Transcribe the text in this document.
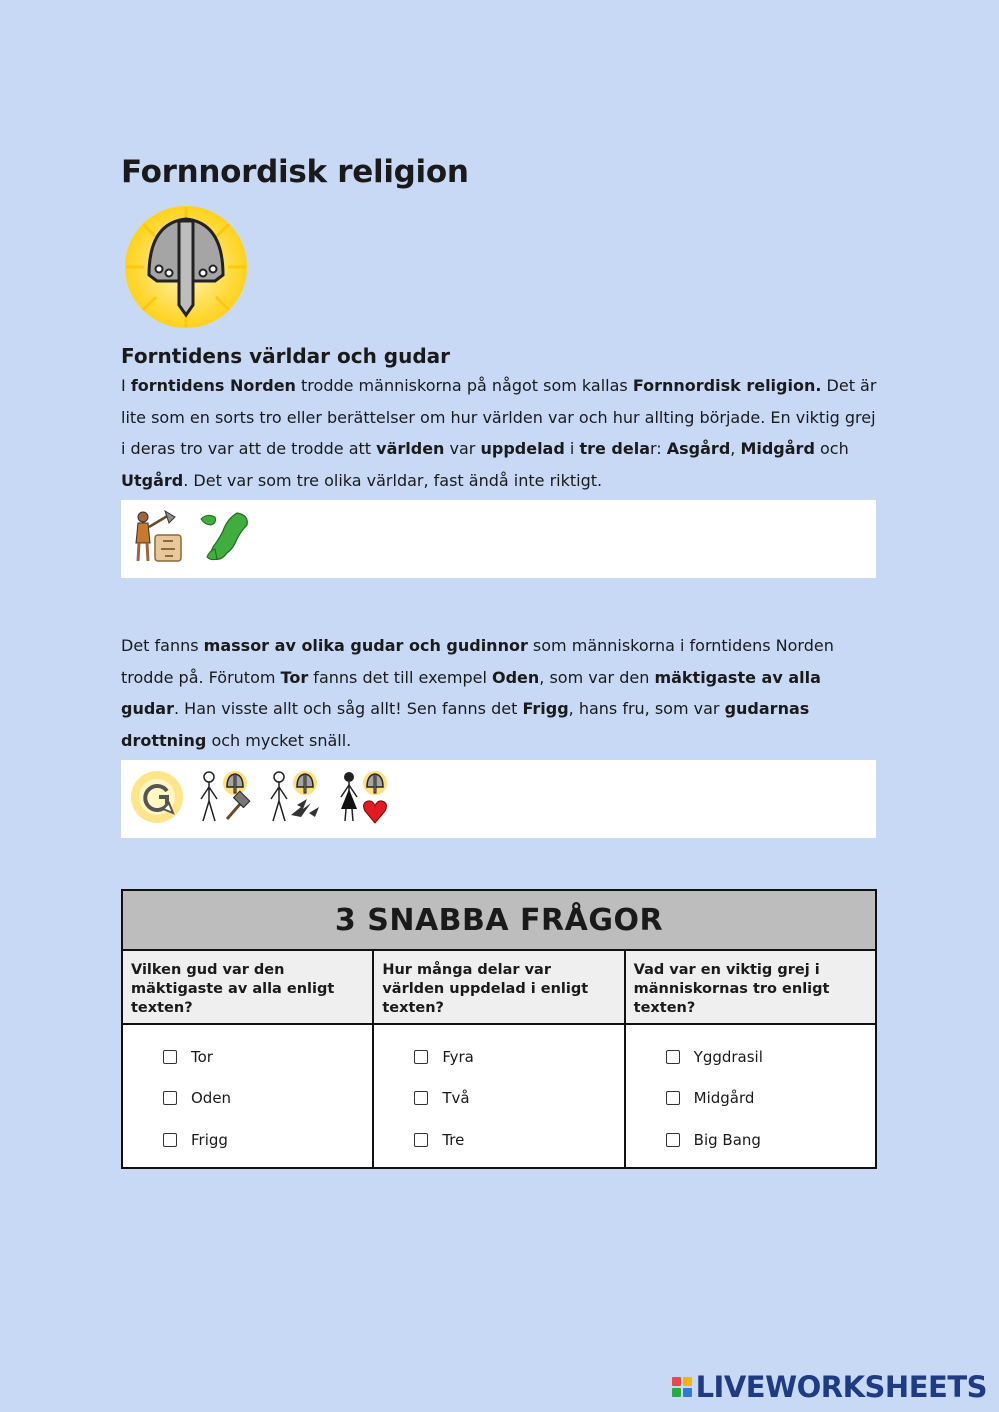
Fornnordisk religion
Forntidens världar och gudar

I forntidens Norden trodde människorna på något som kallas Fornnordisk religion. Det är lite som en sorts tro eller berättelser om hur världen var och hur allting började. En viktig grej i deras tro var att de trodde att världen var uppdelad i tre delar: Asgård, Midgård och Utgård. Det var som tre olika världar, fast ändå inte riktigt.

Det fanns massor av olika gudar och gudinnor som människorna i forntidens Norden trodde på. Förutom Tor fanns det till exempel Oden, som var den mäktigaste av alla gudar. Han visste allt och såg allt! Sen fanns det Frigg, hans fru, som var gudarnas drottning och mycket snäll.

3 SNABBA FRÅGOR
Vilken gud var den mäktigaste av alla enligt texten?
Tor
Oden
Frigg
Hur många delar var världen uppdelad i enligt texten?
Fyra
Två
Tre
Vad var en viktig grej i människornas tro enligt texten?
Yggdrasil
Midgård
Big Bang
LIVEWORKSHEETS
